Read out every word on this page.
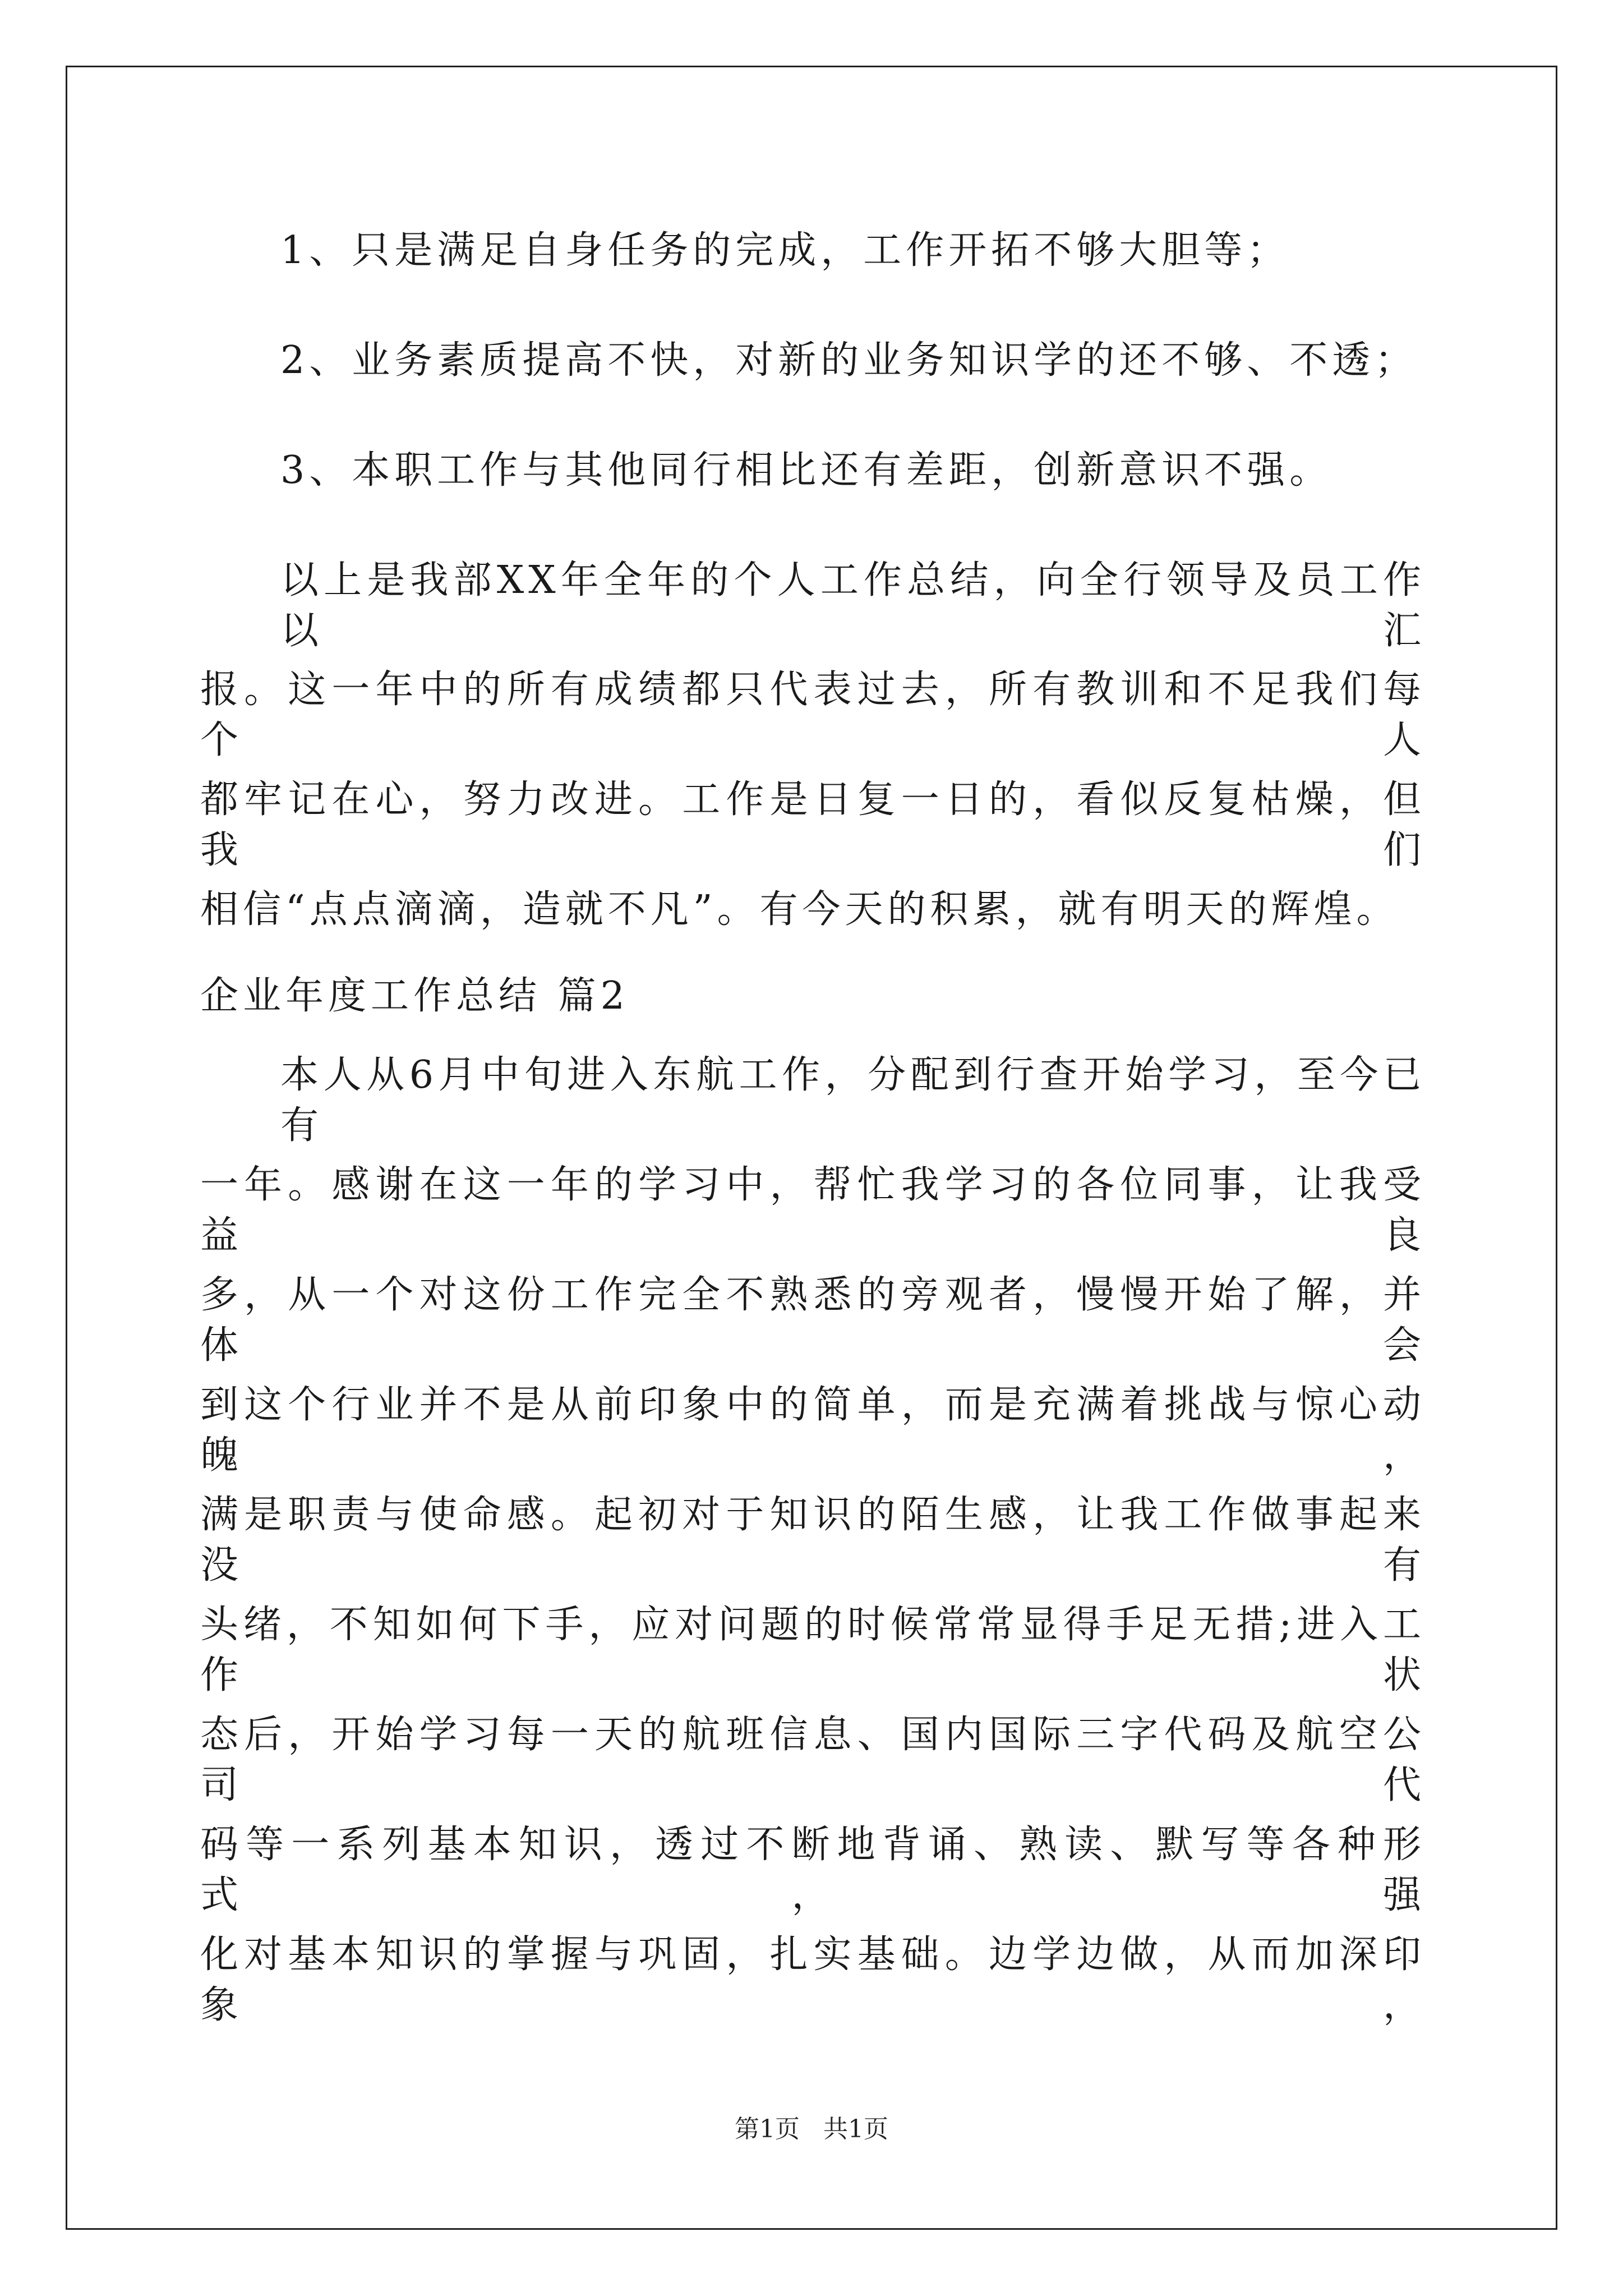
1、只是满足自身任务的完成，工作开拓不够大胆等；
2、业务素质提高不快，对新的业务知识学的还不够、不透；
3、本职工作与其他同行相比还有差距，创新意识不强。
以上是我部XX年全年的个人工作总结，向全行领导及员工作以汇
报。这一年中的所有成绩都只代表过去，所有教训和不足我们每个人
都牢记在心，努力改进。工作是日复一日的，看似反复枯燥，但我们
相信“点点滴滴，造就不凡”。有今天的积累，就有明天的辉煌。
企业年度工作总结 篇2
本人从6月中旬进入东航工作，分配到行查开始学习，至今已有
一年。感谢在这一年的学习中，帮忙我学习的各位同事，让我受益良
多，从一个对这份工作完全不熟悉的旁观者，慢慢开始了解，并体会
到这个行业并不是从前印象中的简单，而是充满着挑战与惊心动魄，
满是职责与使命感。起初对于知识的陌生感，让我工作做事起来没有
头绪，不知如何下手，应对问题的时候常常显得手足无措;进入工作状
态后，开始学习每一天的航班信息、国内国际三字代码及航空公司代
码等一系列基本知识，透过不断地背诵、熟读、默写等各种形式，强
化对基本知识的掌握与巩固，扎实基础。边学边做，从而加深印象，
第1页   共1页
